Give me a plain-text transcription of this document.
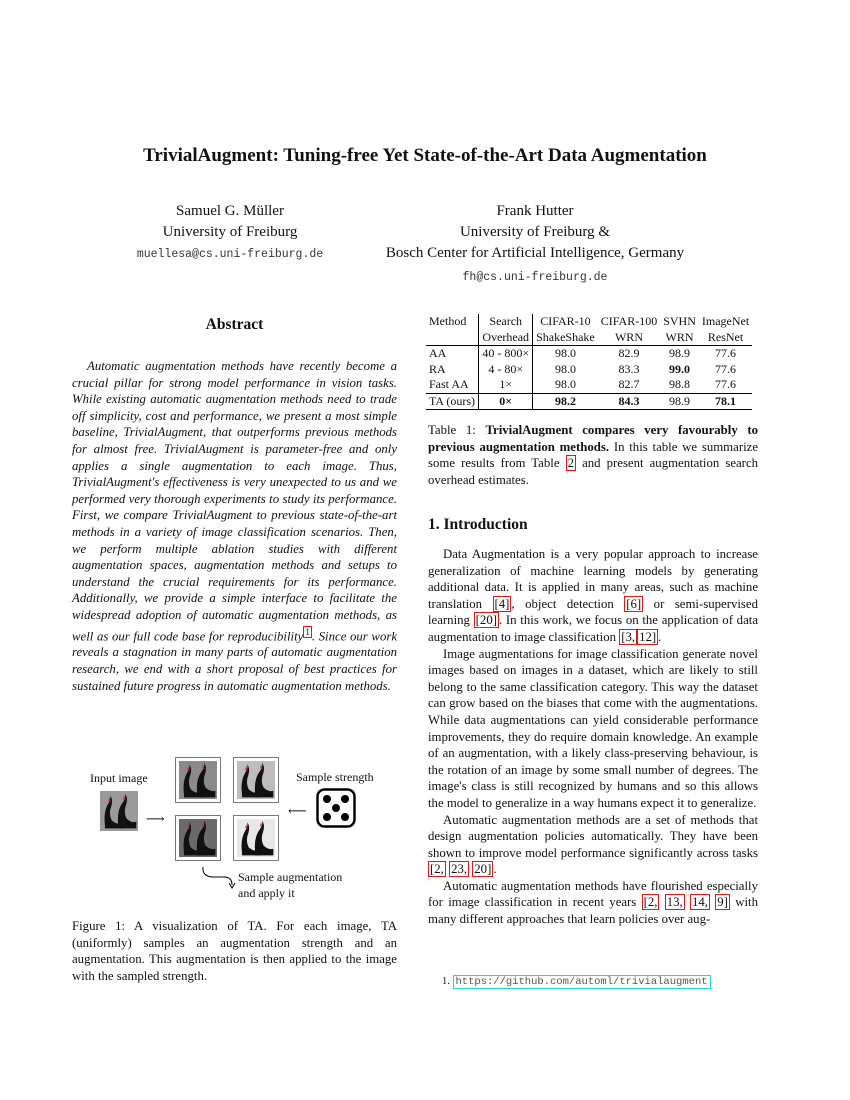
TrivialAugment: Tuning-free Yet State-of-the-Art Data Augmentation
Samuel G. Müller
University of Freiburg
muellesa@cs.uni-freiburg.de
Frank Hutter
University of Freiburg &
Bosch Center for Artificial Intelligence, Germany
fh@cs.uni-freiburg.de
Abstract
Automatic augmentation methods have recently become a crucial pillar for strong model performance in vision tasks. While existing automatic augmentation methods need to trade off simplicity, cost and performance, we present a most simple baseline, TrivialAugment, that outperforms previous methods for almost free. TrivialAugment is parameter-free and only applies a single augmentation to each image. Thus, TrivialAugment's effectiveness is very unexpected to us and we performed very thorough experiments to study its performance. First, we compare TrivialAugment to previous state-of-the-art methods in a variety of image classification scenarios. Then, we perform multiple ablation studies with different augmentation spaces, augmentation methods and setups to understand the crucial requirements for its performance. Additionally, we provide a simple interface to facilitate the widespread adoption of automatic augmentation methods, as well as our full code base for reproducibility $^1$ . Since our work reveals a stagnation in many parts of automatic augmentation research, we end with a short proposal of best practices for sustained future progress in automatic augmentation methods.
Input image	Sample strength
⟶
⟵
Sample augmentation
and apply it
Figure 1: A visualization of TA. For each image, TA (uniformly) samples an augmentation strength and an augmentation. This augmentation is then applied to the image with the sampled strength.
Method	Search	CIFAR-10	CIFAR-100	SVHN	ImageNet
	Overhead	ShakeShake	WRN	WRN	ResNet
AA	40 - 800×	98.0	82.9	98.9	77.6
RA	4 - 80×	98.0	83.3	99.0	77.6
Fast AA	1×	98.0	82.7	98.8	77.6
TA (ours)	0×	98.2	84.3	98.9	78.1
Table 1: TrivialAugment compares very favourably to previous augmentation methods. In this table we summarize some results from Table 2 and present augmentation search overhead estimates.
1. Introduction
Data Augmentation is a very popular approach to increase generalization of machine learning models by generating additional data. It is applied in many areas, such as machine translation [4] , object detection [6] or semi-supervised learning [20] . In this work, we focus on the application of data augmentation to image classification [3, 12] .
Image augmentations for image classification generate novel images based on images in a dataset, which are likely to still belong to the same classification category. This way the dataset can grow based on the biases that come with the augmentations. While data augmentations can yield considerable performance improvements, they do require domain knowledge. An example of an augmentation, with a likely class-preserving behaviour, is the rotation of an image by some small number of degrees. The image's class is still recognized by humans and so this allows the model to generalize in a way humans expect it to generalize.
Automatic augmentation methods are a set of methods that design augmentation policies automatically. They have been shown to improve model performance significantly across tasks [2, 23, 20] .
Automatic augmentation methods have flourished especially for image classification in recent years [2, 13, 14, 9] with many different approaches that learn policies over aug-
1. https://github.com/automl/trivialaugment
